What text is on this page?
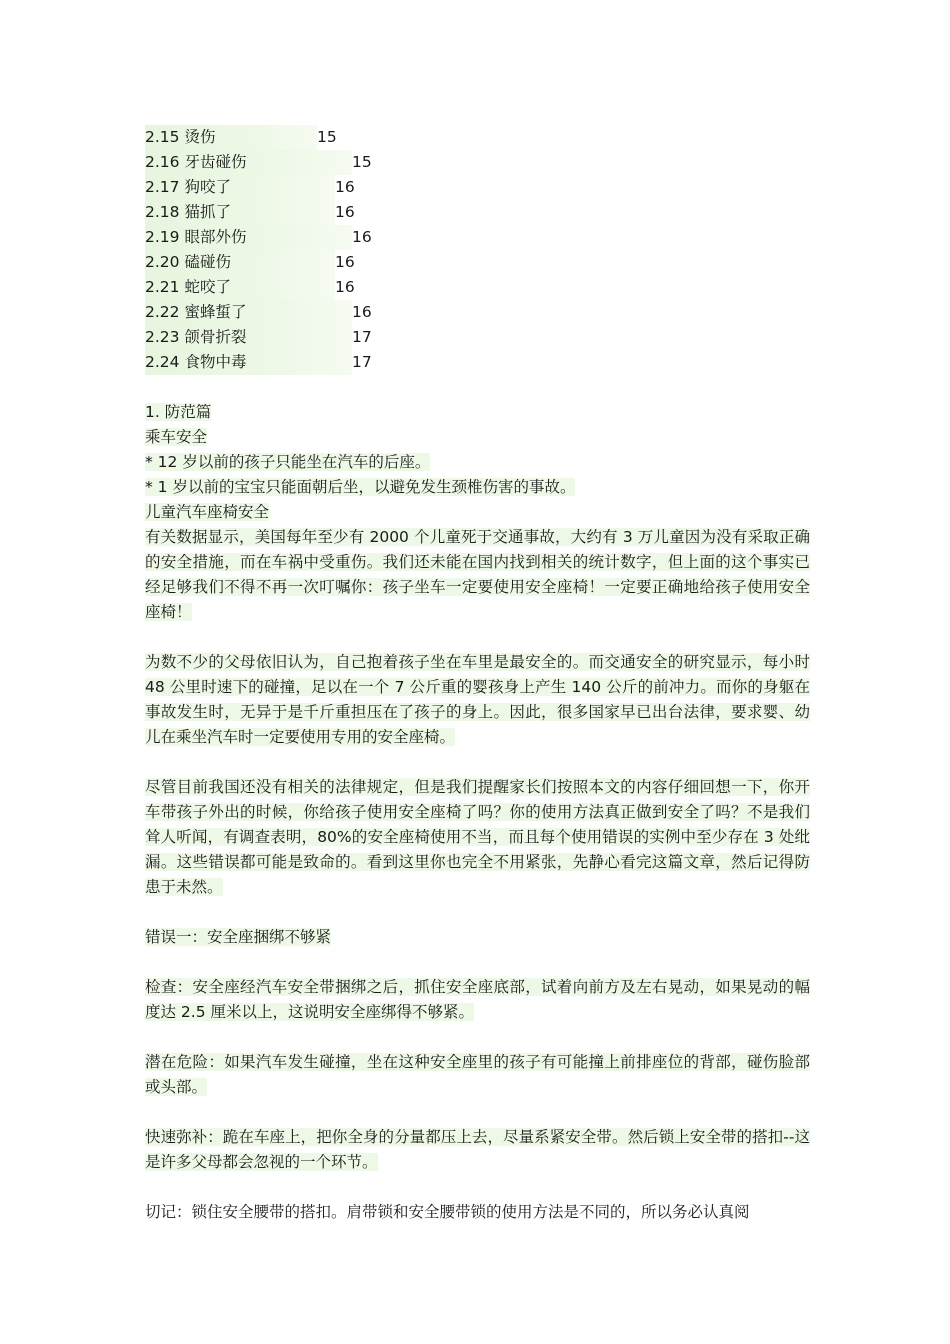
2.15 烫伤	15
2.16 牙齿碰伤	15
2.17 狗咬了	16
2.18 猫抓了	16
2.19 眼部外伤	16
2.20 磕碰伤	16
2.21 蛇咬了	16
2.22 蜜蜂蜇了	16
2.23 颌骨折裂	17
2.24 食物中毒	17
1. 防范篇
乘车安全
* 12 岁以前的孩子只能坐在汽车的后座。
* 1 岁以前的宝宝只能面朝后坐，以避免发生颈椎伤害的事故。
儿童汽车座椅安全

有关数据显示，美国每年至少有 2000 个儿童死于交通事故，大约有 3 万儿童因为没有采取正确的安全措施，而在车祸中受重伤。我们还未能在国内找到相关的统计数字，但上面的这个事实已经足够我们不得不再一次叮嘱你：孩子坐车一定要使用安全座椅！一定要正确地给孩子使用安全座椅！

为数不少的父母依旧认为，自己抱着孩子坐在车里是最安全的。而交通安全的研究显示，每小时 48 公里时速下的碰撞，足以在一个 7 公斤重的婴孩身上产生 140 公斤的前冲力。而你的身躯在事故发生时，无异于是千斤重担压在了孩子的身上。因此，很多国家早已出台法律，要求婴、幼儿在乘坐汽车时一定要使用专用的安全座椅。

尽管目前我国还没有相关的法律规定，但是我们提醒家长们按照本文的内容仔细回想一下，你开车带孩子外出的时候，你给孩子使用安全座椅了吗？你的使用方法真正做到安全了吗？不是我们耸人听闻，有调查表明，80%的安全座椅使用不当，而且每个使用错误的实例中至少存在 3 处纰漏。这些错误都可能是致命的。看到这里你也完全不用紧张，先静心看完这篇文章，然后记得防患于未然。

错误一：安全座捆绑不够紧

检查：安全座经汽车安全带捆绑之后，抓住安全座底部，试着向前方及左右晃动，如果晃动的幅度达 2.5 厘米以上，这说明安全座绑得不够紧。

潜在危险：如果汽车发生碰撞，坐在这种安全座里的孩子有可能撞上前排座位的背部，碰伤脸部或头部。

快速弥补：跪在车座上，把你全身的分量都压上去，尽量系紧安全带。然后锁上安全带的搭扣--这是许多父母都会忽视的一个环节。

切记：锁住安全腰带的搭扣。肩带锁和安全腰带锁的使用方法是不同的，所以务必认真阅
